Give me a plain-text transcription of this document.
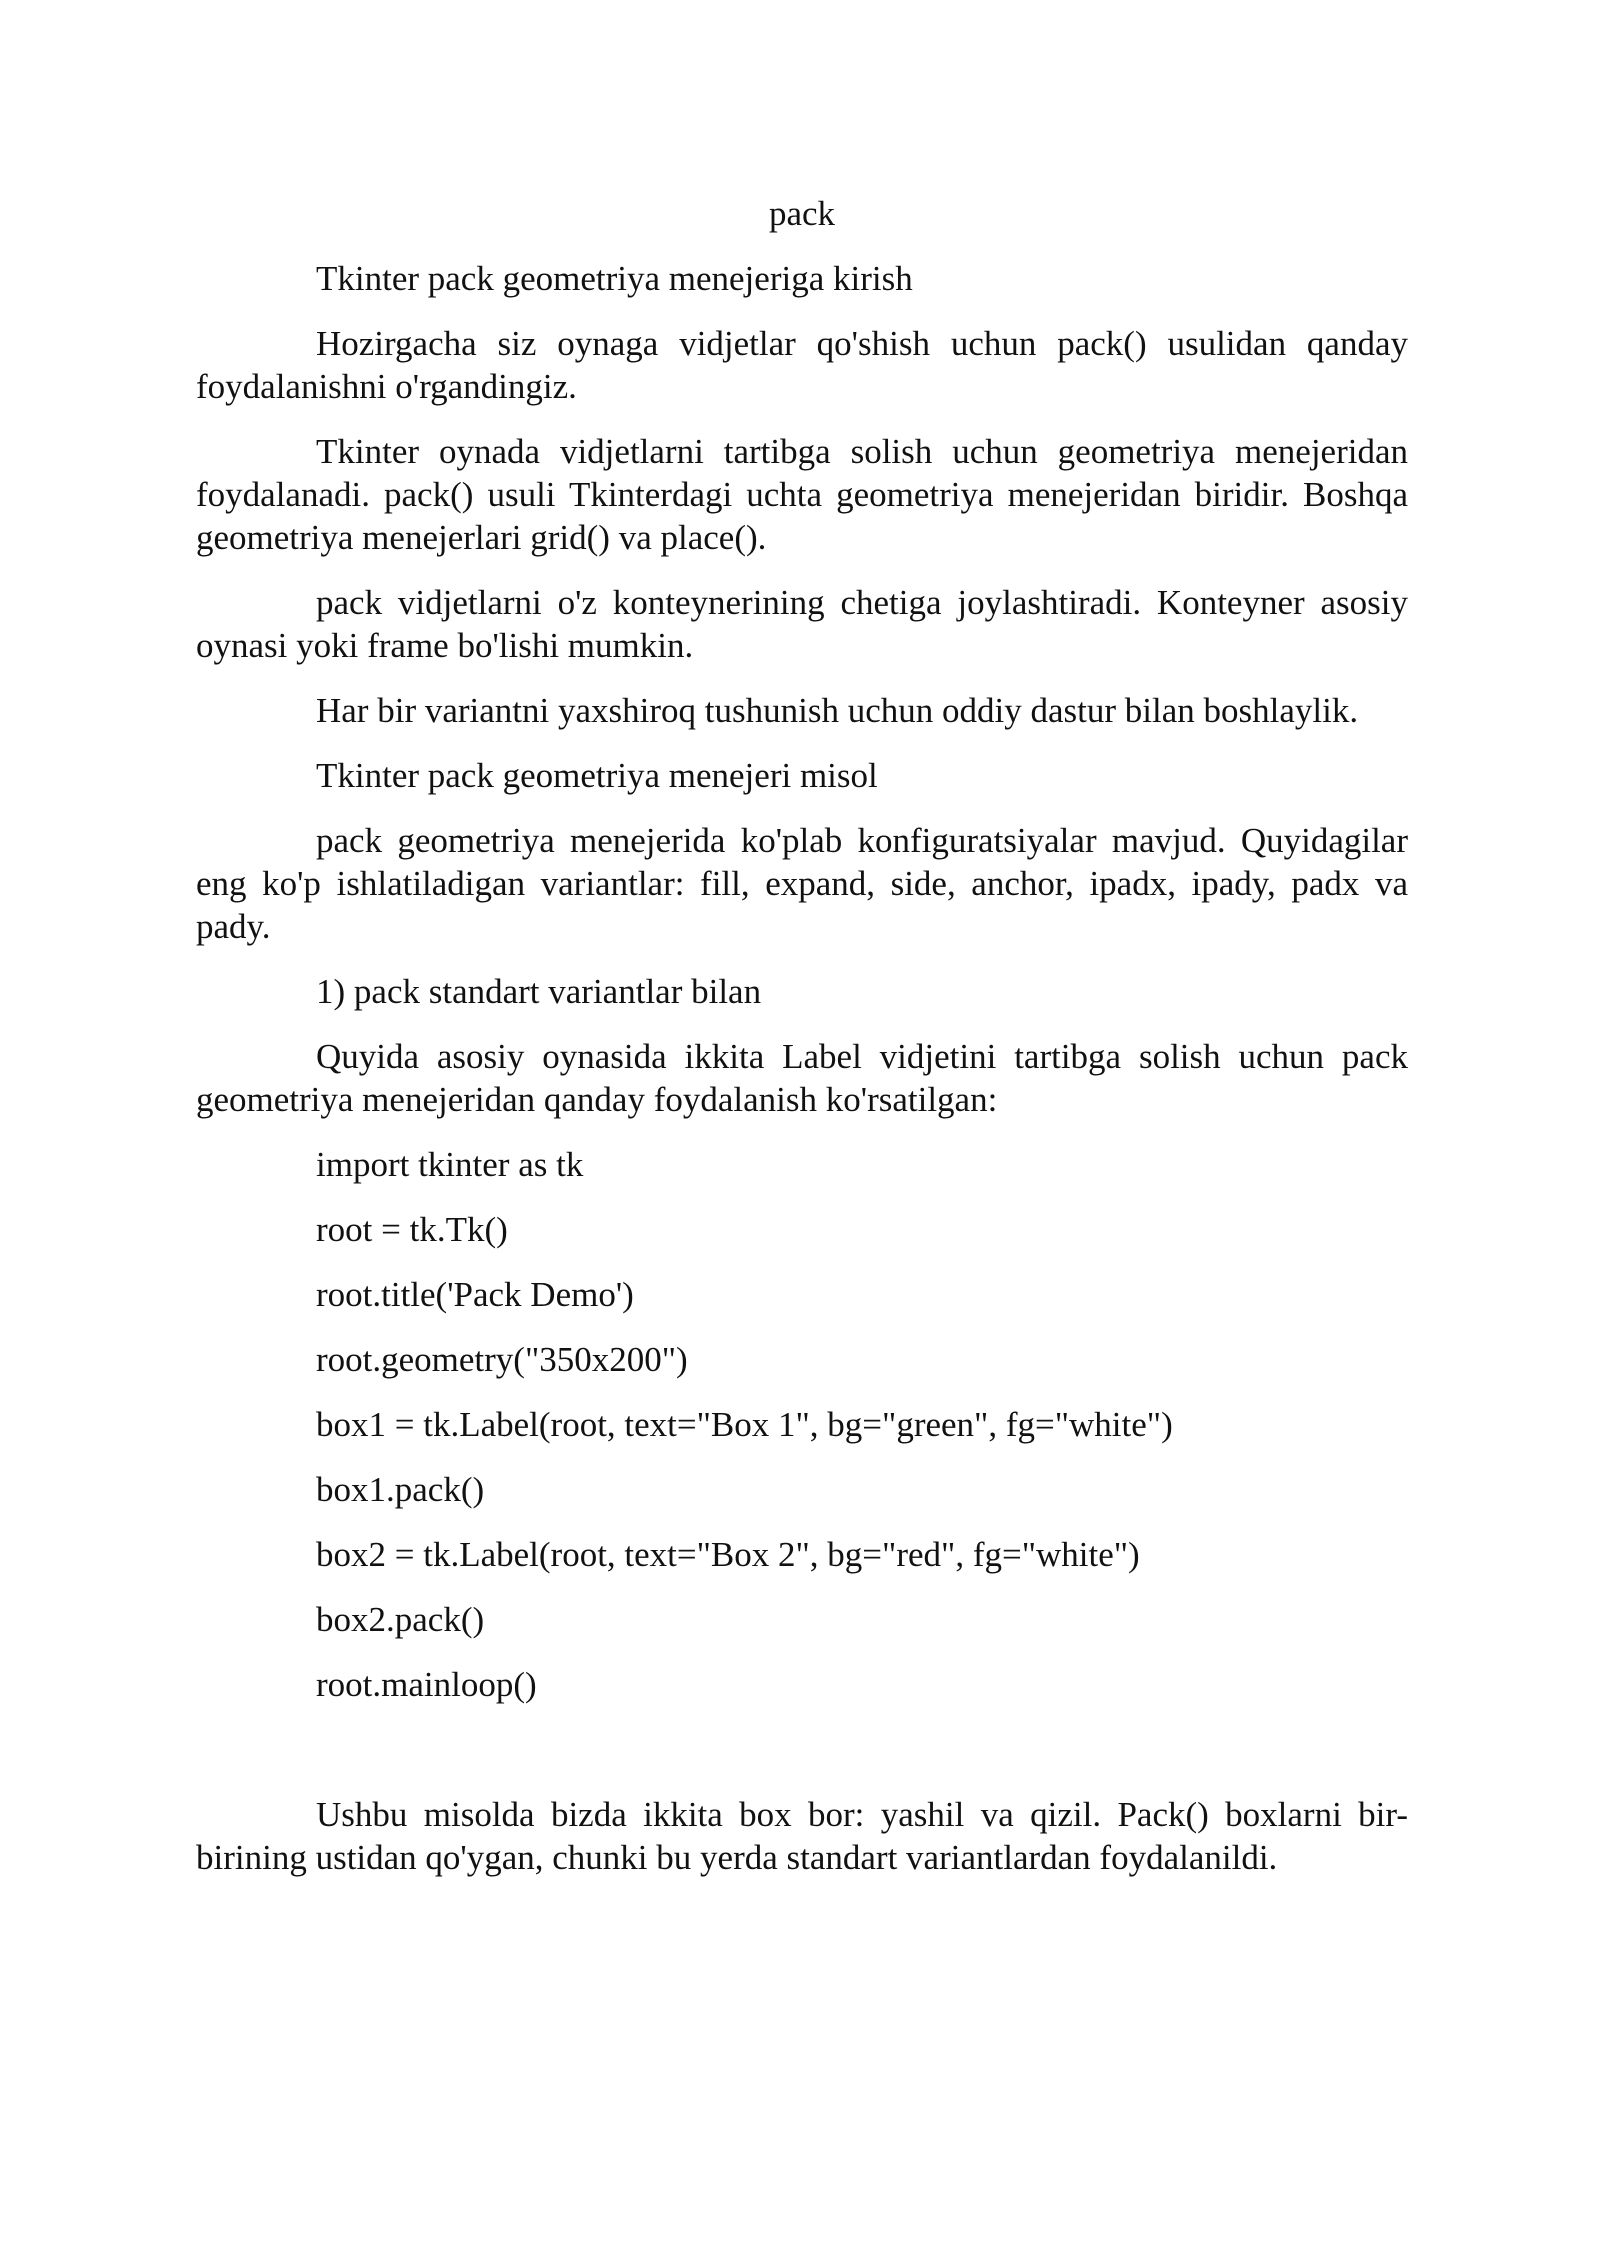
pack

Tkinter pack geometriya menejeriga kirish

Hozirgacha siz oynaga vidjetlar qo'shish uchun pack() usulidan qanday foydalanishni o'rgandingiz.

Tkinter oynada vidjetlarni tartibga solish uchun geometriya menejeridan foydalanadi. pack() usuli Tkinterdagi uchta geometriya menejeridan biridir. Boshqa geometriya menejerlari grid() va place().

pack vidjetlarni o'z konteynerining chetiga joylashtiradi. Konteyner asosiy oynasi yoki frame bo'lishi mumkin.

Har bir variantni yaxshiroq tushunish uchun oddiy dastur bilan boshlaylik.

Tkinter pack geometriya menejeri misol

pack geometriya menejerida ko'plab konfiguratsiyalar mavjud. Quyidagilar eng ko'p ishlatiladigan variantlar: fill, expand, side, anchor, ipadx, ipady, padx va pady.

1) pack standart variantlar bilan

Quyida asosiy oynasida ikkita Label vidjetini tartibga solish uchun pack geometriya menejeridan qanday foydalanish ko'rsatilgan:

import tkinter as tk
root = tk.Tk()
root.title('Pack Demo')
root.geometry("350x200")
box1 = tk.Label(root, text="Box 1", bg="green", fg="white")
box1.pack()
box2 = tk.Label(root, text="Box 2", bg="red", fg="white")
box2.pack()
root.mainloop()

Ushbu misolda bizda ikkita box bor: yashil va qizil. Pack() boxlarni bir-birining ustidan qo'ygan, chunki bu yerda standart variantlardan foydalanildi.
